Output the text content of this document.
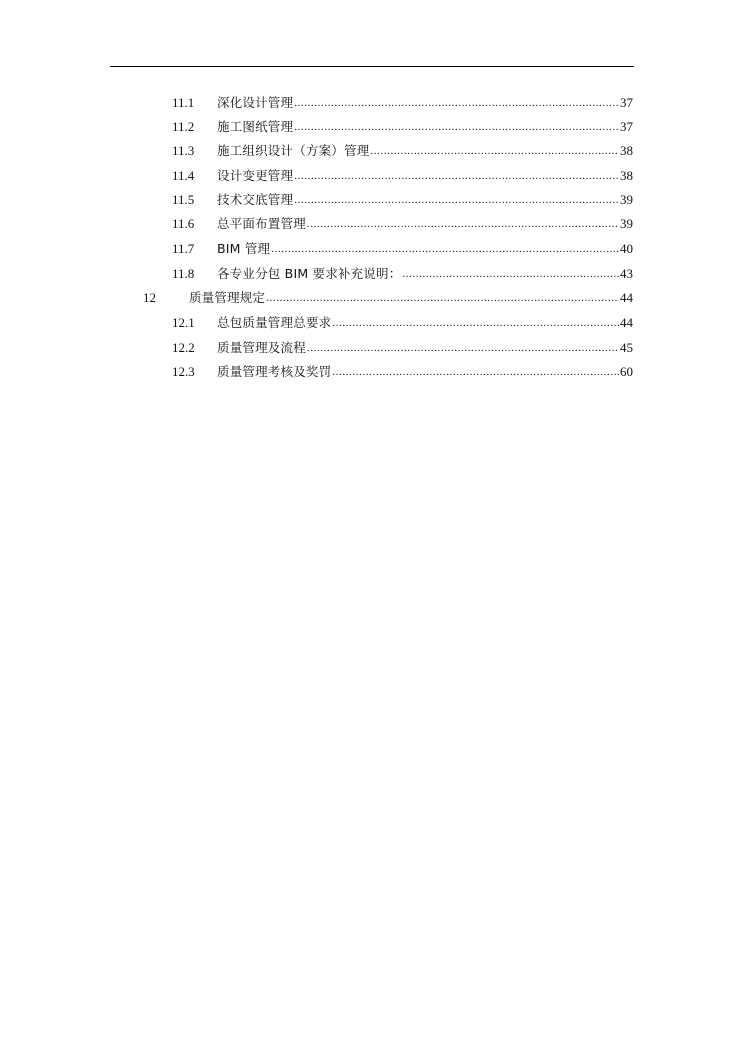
11.1	深化设计管理 .....	37
11.2	施工图纸管理 .....	37
11.3	施工组织设计（方案）管理 .....	38
11.4	设计变更管理 .....	38
11.5	技术交底管理 .....	39
11.6	总平面布置管理 .....	39
11.7	BIM 管理 .....	40
11.8	各专业分包 BIM 要求补充说明： .....	43
12	质量管理规定 .....	44
12.1	总包质量管理总要求 .....	44
12.2	质量管理及流程 .....	45
12.3	质量管理考核及奖罚 .....	60
